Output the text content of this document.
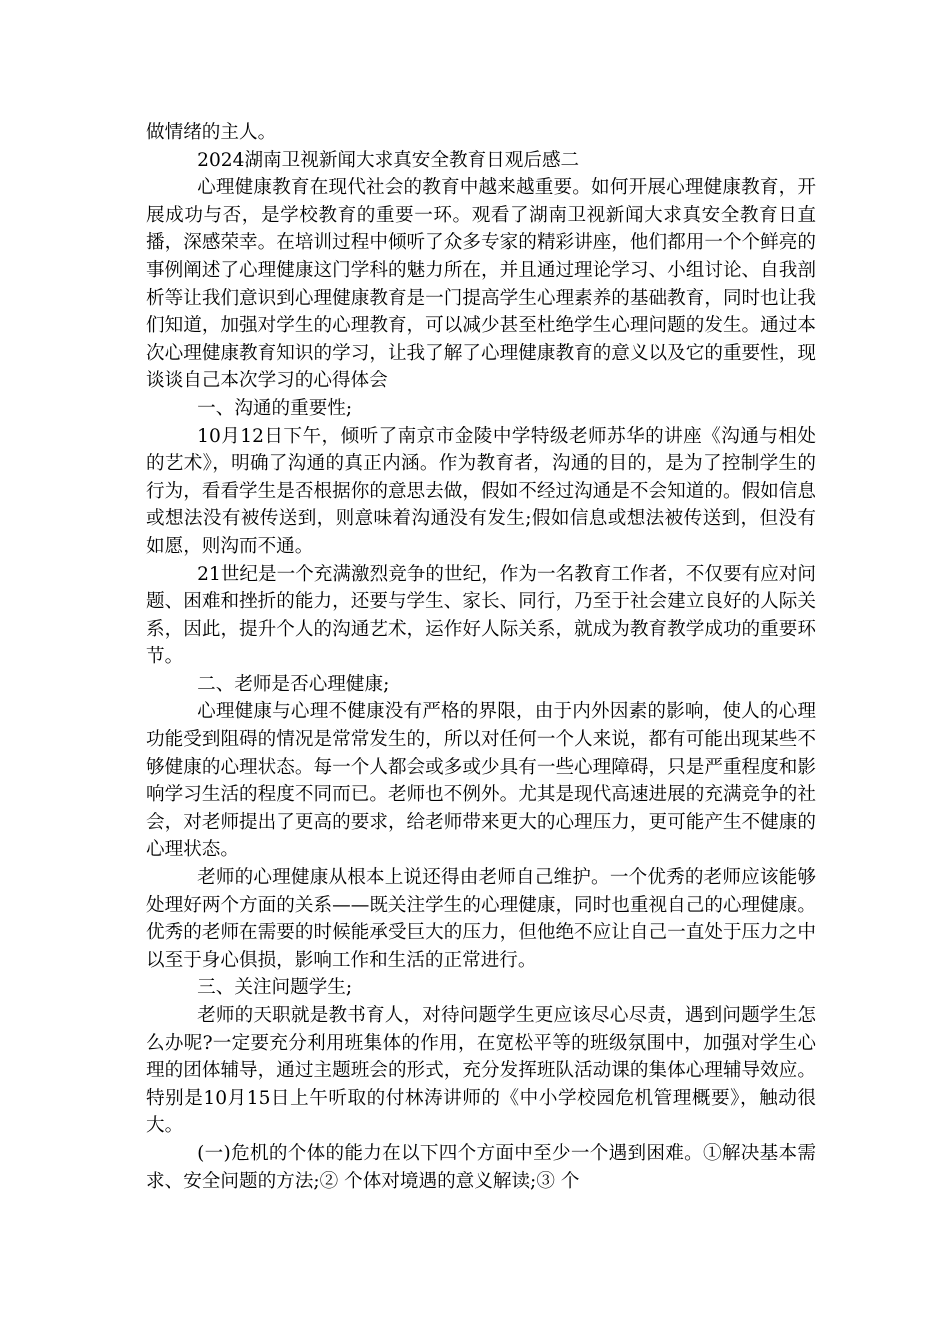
做情绪的主人。

2024湖南卫视新闻大求真安全教育日观后感二

心理健康教育在现代社会的教育中越来越重要。如何开展心理健康教育，开展成功与否，是学校教育的重要一环。观看了湖南卫视新闻大求真安全教育日直播，深感荣幸。在培训过程中倾听了众多专家的精彩讲座，他们都用一个个鲜亮的事例阐述了心理健康这门学科的魅力所在，并且通过理论学习、小组讨论、自我剖析等让我们意识到心理健康教育是一门提高学生心理素养的基础教育，同时也让我们知道，加强对学生的心理教育，可以减少甚至杜绝学生心理问题的发生。通过本次心理健康教育知识的学习，让我了解了心理健康教育的意义以及它的重要性，现谈谈自己本次学习的心得体会

一、沟通的重要性;

10月12日下午，倾听了南京市金陵中学特级老师苏华的讲座《沟通与相处的艺术》，明确了沟通的真正内涵。作为教育者，沟通的目的，是为了控制学生的行为，看看学生是否根据你的意思去做，假如不经过沟通是不会知道的。假如信息或想法没有被传送到，则意味着沟通没有发生;假如信息或想法被传送到，但没有如愿，则沟而不通。

21世纪是一个充满激烈竞争的世纪，作为一名教育工作者，不仅要有应对问题、困难和挫折的能力，还要与学生、家长、同行，乃至于社会建立良好的人际关系，因此，提升个人的沟通艺术，运作好人际关系，就成为教育教学成功的重要环节。

二、老师是否心理健康;

心理健康与心理不健康没有严格的界限，由于内外因素的影响，使人的心理功能受到阻碍的情况是常常发生的，所以对任何一个人来说，都有可能出现某些不够健康的心理状态。每一个人都会或多或少具有一些心理障碍，只是严重程度和影响学习生活的程度不同而已。老师也不例外。尤其是现代高速进展的充满竞争的社会，对老师提出了更高的要求，给老师带来更大的心理压力，更可能产生不健康的心理状态。

老师的心理健康从根本上说还得由老师自己维护。一个优秀的老师应该能够处理好两个方面的关系——既关注学生的心理健康，同时也重视自己的心理健康。优秀的老师在需要的时候能承受巨大的压力，但他绝不应让自己一直处于压力之中以至于身心俱损，影响工作和生活的正常进行。

三、关注问题学生;

老师的天职就是教书育人，对待问题学生更应该尽心尽责，遇到问题学生怎么办呢?一定要充分利用班集体的作用，在宽松平等的班级氛围中，加强对学生心理的团体辅导，通过主题班会的形式，充分发挥班队活动课的集体心理辅导效应。特别是10月15日上午听取的付林涛讲师的《中小学校园危机管理概要》，触动很大。

(一)危机的个体的能力在以下四个方面中至少一个遇到困难。①解决基本需求、安全问题的方法;② 个体对境遇的意义解读;③ 个
